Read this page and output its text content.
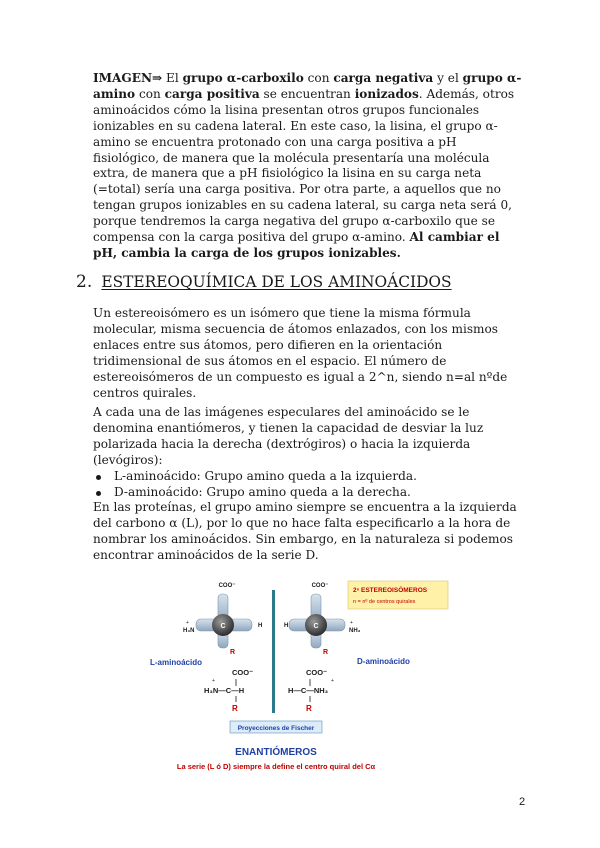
IMAGEN⇒ El grupo α-carboxilo con carga negativa y el grupo α-amino con carga positiva se encuentran ionizados. Además, otros aminoácidos cómo la lisina presentan otros grupos funcionales ionizables en su cadena lateral. En este caso, la lisina, el grupo α-amino se encuentra protonado con una carga positiva a pH fisiológico, de manera que la molécula presentaría una molécula extra, de manera que a pH fisiológico la lisina en su carga neta (=total) sería una carga positiva. Por otra parte, a aquellos que no tengan grupos ionizables en su cadena lateral, su carga neta será 0, porque tendremos la carga negativa del grupo α-carboxilo que se compensa con la carga positiva del grupo α-amino. Al cambiar el pH, cambia la carga de los grupos ionizables.

2. ESTEREOQUÍMICA DE LOS AMINOÁCIDOS

Un estereoisómero es un isómero que tiene la misma fórmula molecular, misma secuencia de átomos enlazados, con los mismos enlaces entre sus átomos, pero difieren en la orientación tridimensional de sus átomos en el espacio. El número de estereoisómeros de un compuesto es igual a 2^n, siendo n=al nºde centros quirales.

A cada una de las imágenes especulares del aminoácido se le denomina enantiómeros, y tienen la capacidad de desviar la luz polarizada hacia la derecha (dextrógiros) o hacia la izquierda (levógiros):
L-aminoácido: Grupo amino queda a la izquierda.
D-aminoácido: Grupo amino queda a la derecha.
En las proteínas, el grupo amino siempre se encuentra a la izquierda del carbono α (L), por lo que no hace falta especificarlo a la hora de nombrar los aminoácidos. Sin embargo, en la naturaleza si podemos encontrar aminoácidos de la serie D.
C
COO⁻
+
H₃N
H
R
C
COO⁻
H	+
NH₃
R
2ⁿ ESTEREOISÓMEROS
n = nº de centros quirales
L-aminoácido	D-aminoácido
COO⁻
+
H₃N—C—H
R
COO⁻
+
H—C—NH₃
R
Proyecciones de Fischer
ENANTIÓMEROS
La serie (L ó D) siempre la define el centro quiral del Cα
2
